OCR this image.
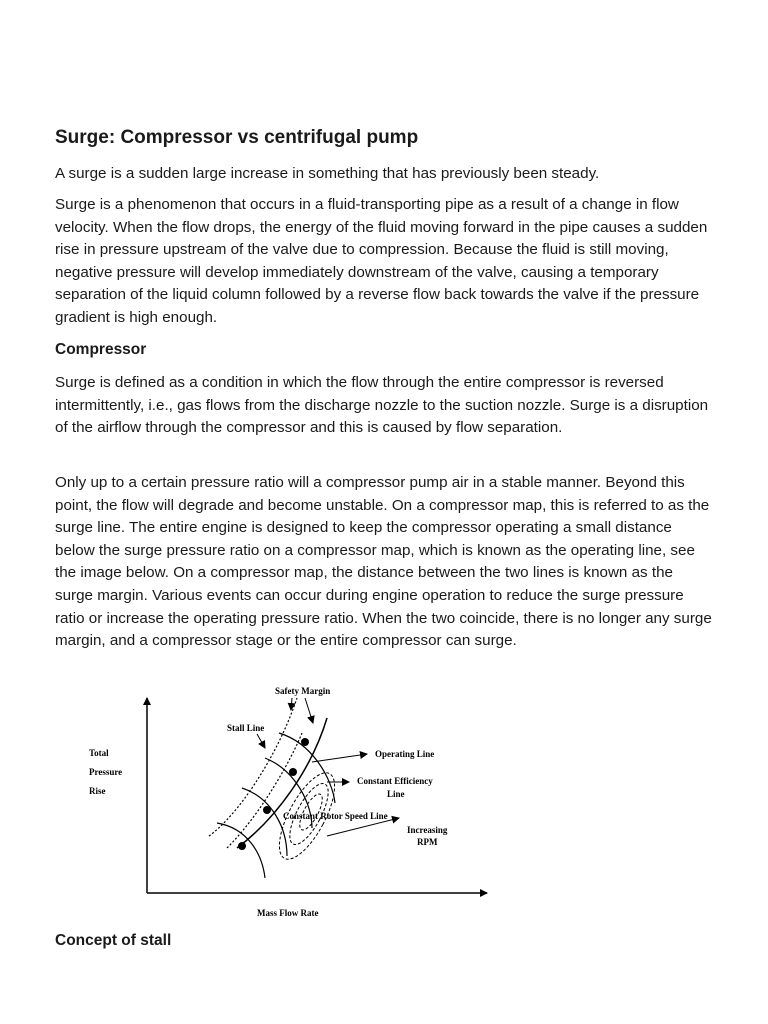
Surge: Compressor vs centrifugal pump

A surge is a sudden large increase in something that has previously been steady.

Surge is a phenomenon that occurs in a fluid-transporting pipe as a result of a change in flow velocity. When the flow drops, the energy of the fluid moving forward in the pipe causes a sudden rise in pressure upstream of the valve due to compression. Because the fluid is still moving, negative pressure will develop immediately downstream of the valve, causing a temporary separation of the liquid column followed by a reverse flow back towards the valve if the pressure gradient is high enough.

Compressor

Surge is defined as a condition in which the flow through the entire compressor is reversed intermittently, i.e., gas flows from the discharge nozzle to the suction nozzle. Surge is a disruption of the airflow through the compressor and this is caused by flow separation.

Only up to a certain pressure ratio will a compressor pump air in a stable manner. Beyond this point, the flow will degrade and become unstable. On a compressor map, this is referred to as the surge line. The entire engine is designed to keep the compressor operating a small distance below the surge pressure ratio on a compressor map, which is known as the operating line, see the image below. On a compressor map, the distance between the two lines is known as the surge margin. Various events can occur during engine operation to reduce the surge pressure ratio or increase the operating pressure ratio. When the two coincide, there is no longer any surge margin, and a compressor stage or the entire compressor can surge.

Total
Pressure
Rise
Mass Flow Rate
Safety Margin
Stall Line
Operating Line
Constant Efficiency
Line
Constant Rotor Speed Line
Increasing
RPM
Concept of stall
